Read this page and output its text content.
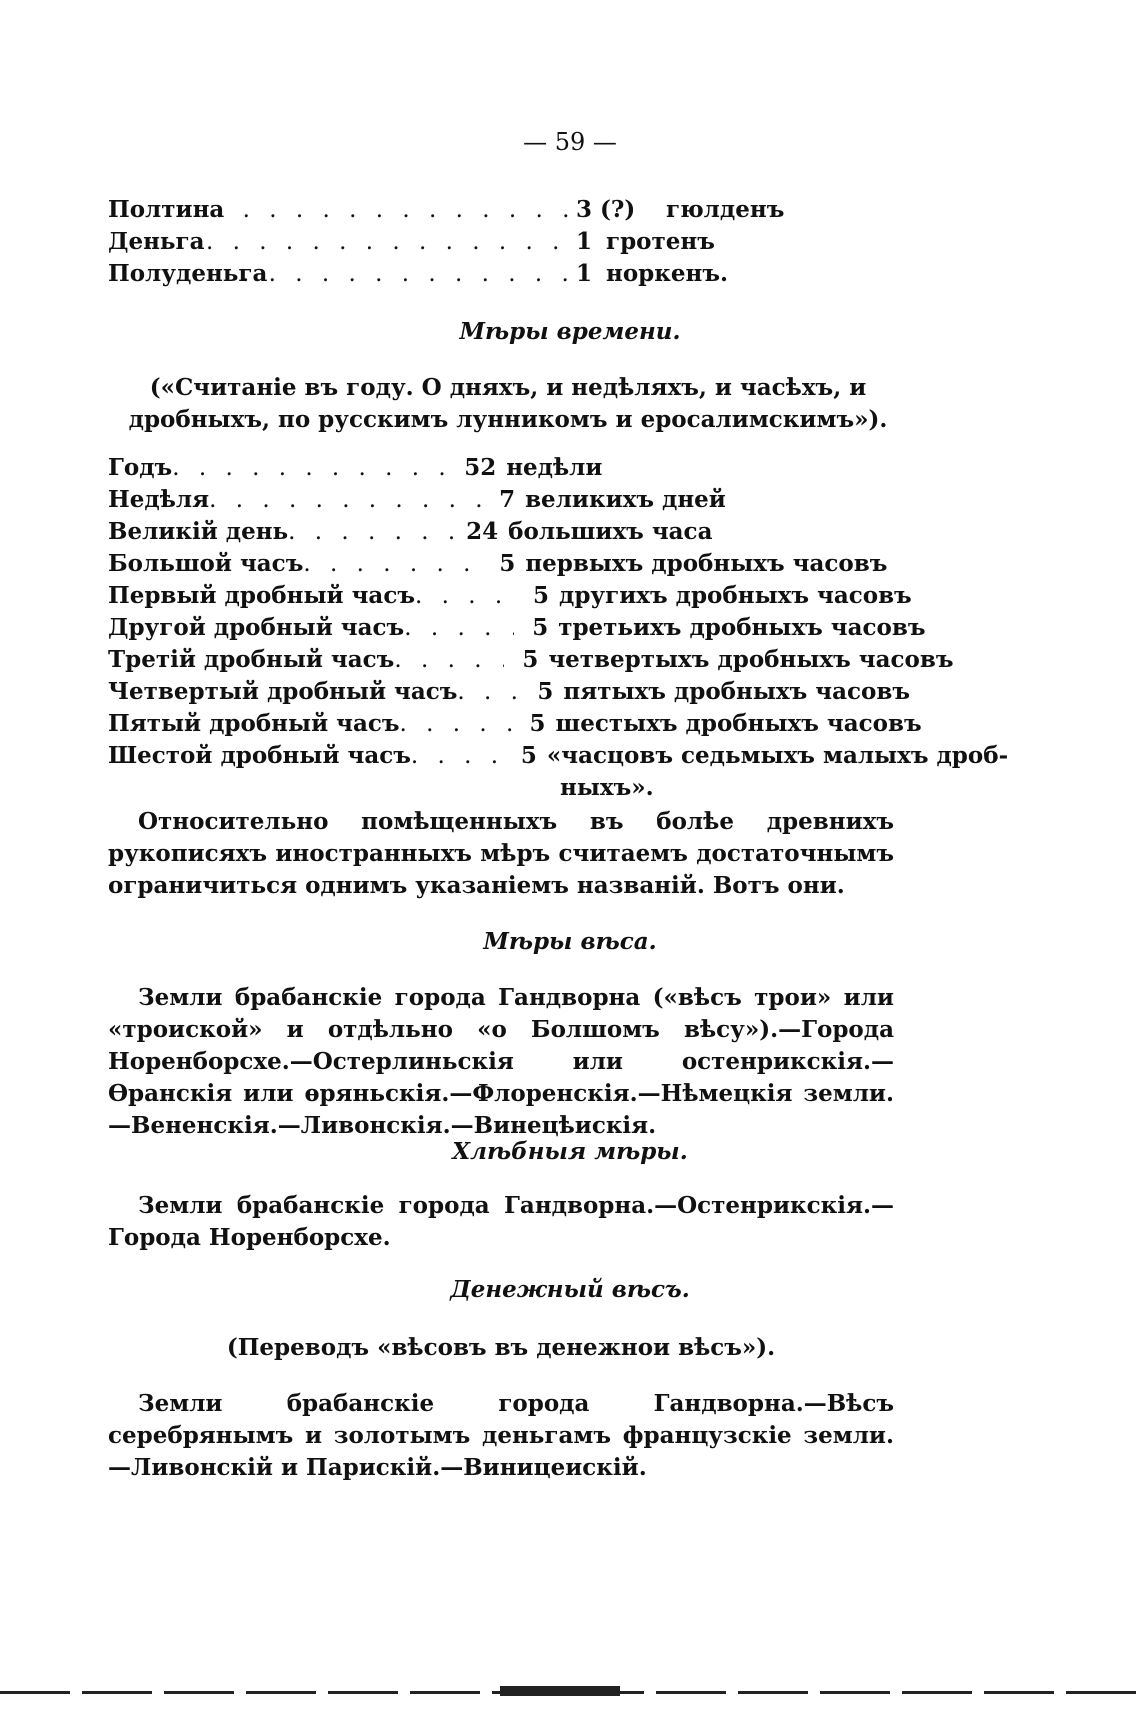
— 59 —
Полтина . . .	3 (?)	гюлденъ
Деньга . . .	1 гротенъ
Полуденьга . . .	1 норкенъ.
Мѣры времени.

(«Считаніе въ году. О дняхъ, и недѣляхъ, и часѣхъ, и дробныхъ, по русскимъ лунникомъ и еросалимскимъ»).

Годъ . . .	52 недѣли
Недѣля . . .	7 великихъ дней
Великій день . . .	24 большихъ часа
Большой часъ . . .	5 первыхъ дробныхъ часовъ
Первый дробный часъ . . .	5 другихъ дробныхъ часовъ
Другой дробный часъ . . .	5 третьихъ дробныхъ часовъ
Третій дробный часъ . . .	5 четвертыхъ дробныхъ часовъ
Четвертый дробный часъ . . .	5 пятыхъ дробныхъ часовъ
Пятый дробный часъ . . .	5 шестыхъ дробныхъ часовъ
Шестой дробный часъ . . .	5 «часцовъ седьмыхъ малыхъ дроб-
ныхъ».

Относительно помѣщенныхъ въ болѣе древнихъ рукописяхъ иностранныхъ мѣръ считаемъ достаточнымъ ограничиться однимъ указаніемъ названій. Вотъ они.

Мѣры вѣса.

Земли брабанскіе города Гандворна («вѣсъ трои» или «троиской» и отдѣльно «о Болшомъ вѣсу»).—Города Норенборсхе.—Остерлиньскія или остенрикскія.—Ѳранскія или ѳряньскія.—Флоренскія.—Нѣмецкія земли.—Вененскія.—Ливонскія.—Винецѣискія.

Хлѣбныя мѣры.

Земли брабанскіе города Гандворна.—Остенрикскія.—Города Норенборсхе.

Денежный вѣсъ.

(Переводъ «вѣсовъ въ денежнои вѣсъ»).

Земли брабанскіе города Гандворна.—Вѣсъ серебрянымъ и золотымъ деньгамъ французскіе земли.—Ливонскій и Парискій.—Виницеискій.
